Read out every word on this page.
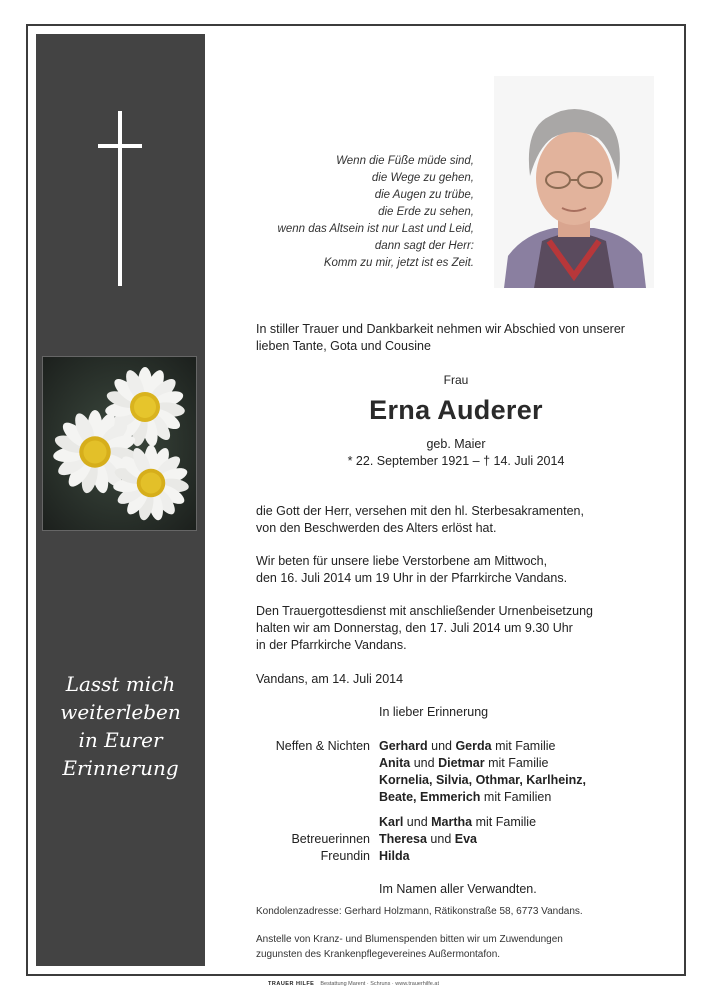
Lasst mich
weiterleben
in Eurer
Erinnerung
Wenn die Füße müde sind,
die Wege zu gehen,
die Augen zu trübe,
die Erde zu sehen,
wenn das Altsein ist nur Last und Leid,
dann sagt der Herr:
Komm zu mir, jetzt ist es Zeit.
In stiller Trauer und Dankbarkeit nehmen wir Abschied von unserer
lieben Tante, Gota und Cousine
Frau
Erna Auderer
geb. Maier
* 22. September 1921 – † 14. Juli 2014
die Gott der Herr, versehen mit den hl. Sterbesakramenten,
von den Beschwerden des Alters erlöst hat.
Wir beten für unsere liebe Verstorbene am Mittwoch,
den 16. Juli 2014 um 19 Uhr in der Pfarrkirche Vandans.
Den Trauergottesdienst mit anschließender Urnenbeisetzung
halten wir am Donnerstag, den 17. Juli 2014 um 9.30 Uhr
in der Pfarrkirche Vandans.
Vandans, am 14. Juli 2014
In lieber Erinnerung
Neffen & Nichten Gerhard und Gerda mit Familie
Anita und Dietmar mit Familie
Kornelia, Silvia, Othmar, Karlheinz,
Beate, Emmerich mit Familien
Karl und Martha mit Familie
Betreuerinnen Theresa und Eva
Freundin Hilda
Im Namen aller Verwandten.
Kondolenzadresse: Gerhard Holzmann, Rätikonstraße 58, 6773 Vandans.
Anstelle von Kranz- und Blumenspenden bitten wir um Zuwendungen
zugunsten des Krankenpflegevereines Außermontafon.
TRAUER HILFE Bestattung Marent · Schruns · www.trauerhilfe.at
